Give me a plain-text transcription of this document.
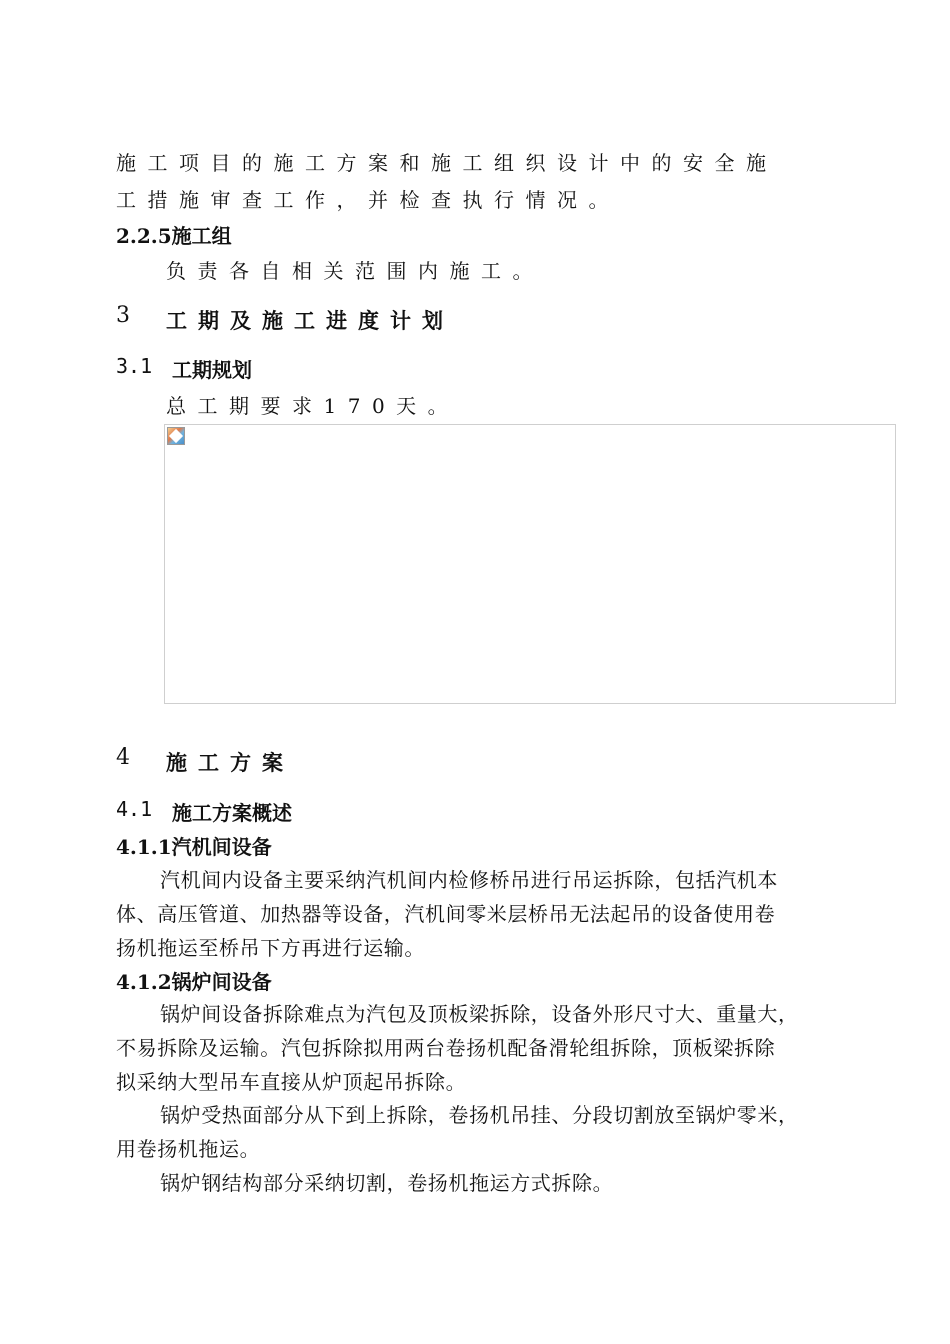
施工项目的施工方案和施工组织设计中的安全施
工措施审查工作，并检查执行情况。
2.2.5施工组
负责各自相关范围内施工。
3 工期及施工进度计划
3.1 工期规划
总工期要求170天。
4 施工方案
4.1 施工方案概述
4.1.1汽机间设备
汽机间内设备主要采纳汽机间内检修桥吊进行吊运拆除，包括汽机本
体、高压管道、加热器等设备，汽机间零米层桥吊无法起吊的设备使用卷
扬机拖运至桥吊下方再进行运输。
4.1.2锅炉间设备
锅炉间设备拆除难点为汽包及顶板梁拆除，设备外形尺寸大、重量大，
不易拆除及运输。汽包拆除拟用两台卷扬机配备滑轮组拆除，顶板梁拆除
拟采纳大型吊车直接从炉顶起吊拆除。
锅炉受热面部分从下到上拆除，卷扬机吊挂、分段切割放至锅炉零米，
用卷扬机拖运。
锅炉钢结构部分采纳切割，卷扬机拖运方式拆除。
